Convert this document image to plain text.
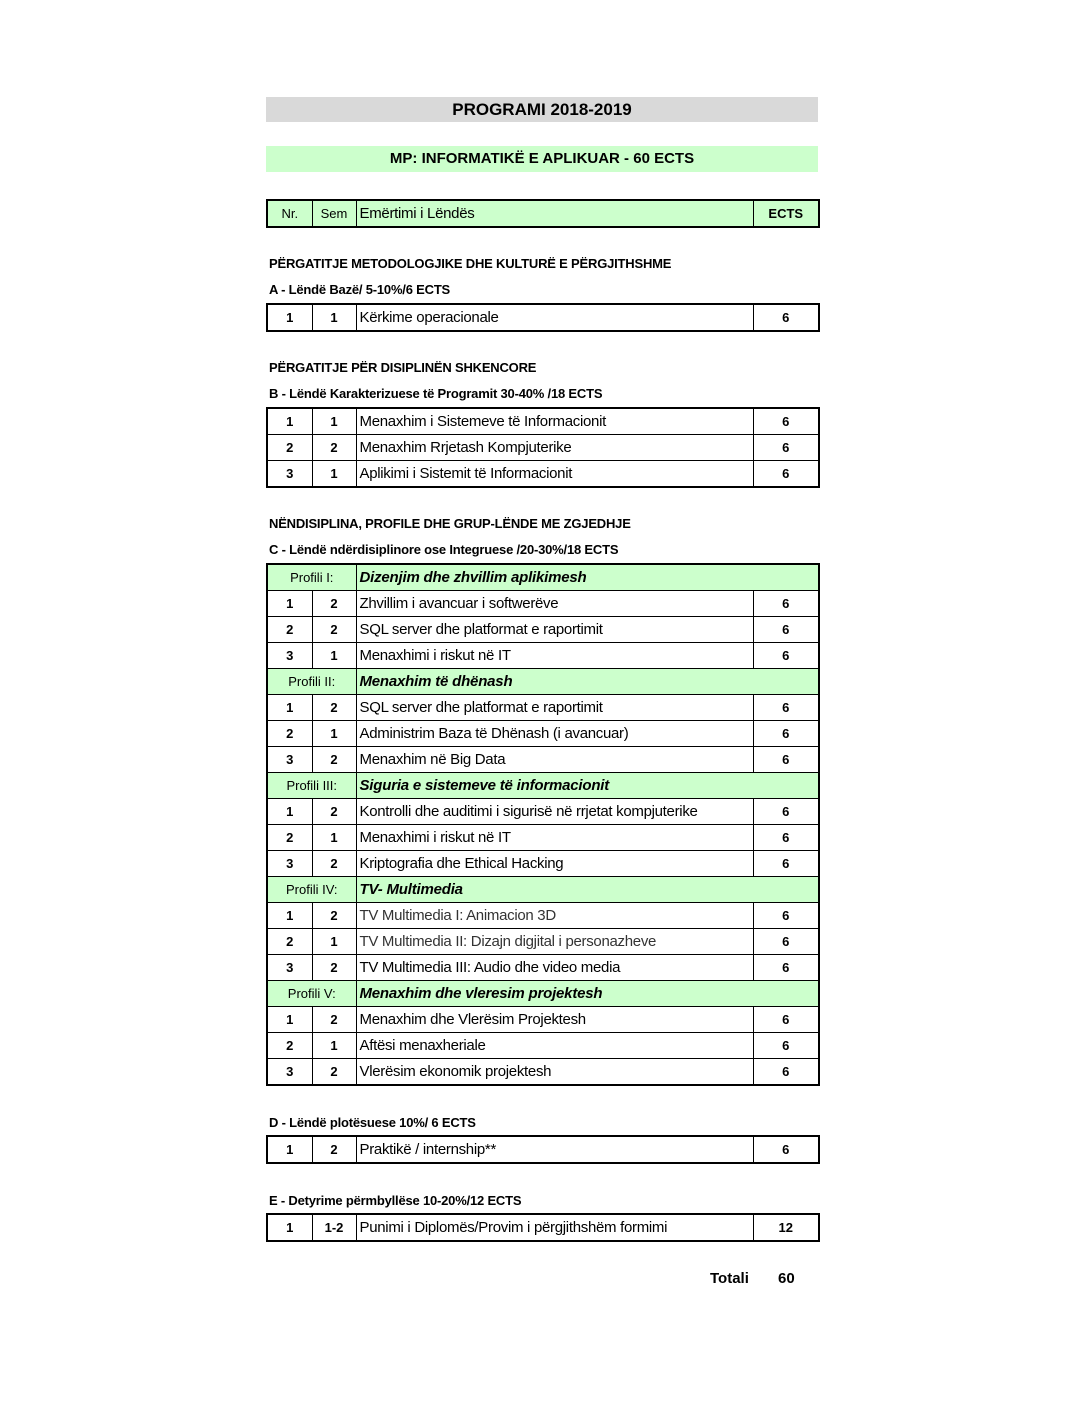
PROGRAMI 2018-2019
MP: INFORMATIKË E APLIKUAR - 60 ECTS
Nr.	Sem	Emërtimi i Lëndës	ECTS
PËRGATITJE METODOLOGJIKE DHE KULTURË E PËRGJITHSHME
A - Lëndë Bazë/ 5-10%/6 ECTS
1	1	Kërkime operacionale	6
PËRGATITJE PËR DISIPLINËN SHKENCORE
B - Lëndë Karakterizuese të Programit 30-40% /18 ECTS
1	1	Menaxhim i Sistemeve të Informacionit	6
2	2	Menaxhim Rrjetash Kompjuterike	6
3	1	Aplikimi i Sistemit të Informacionit	6
NËNDISIPLINA, PROFILE DHE GRUP-LËNDE ME ZGJEDHJE
C - Lëndë ndërdisiplinore ose Integruese /20-30%/18 ECTS
Profili I:		Dizenjim dhe zhvillim aplikimesh	
1	2	Zhvillim i avancuar i softwerëve	6
2	2	SQL server dhe platformat e raportimit	6
3	1	Menaxhimi i riskut në IT	6
Profili II:		Menaxhim të dhënash	
1	2	SQL server dhe platformat e raportimit	6
2	1	Administrim Baza të Dhënash (i avancuar)	6
3	2	Menaxhim në Big Data	6
Profili III:		Siguria e sistemeve të informacionit	
1	2	Kontrolli dhe auditimi i sigurisë në rrjetat kompjuterike	6
2	1	Menaxhimi i riskut në IT	6
3	2	Kriptografia dhe Ethical Hacking	6
Profili IV:		TV- Multimedia	
1	2	TV Multimedia I: Animacion 3D	6
2	1	TV Multimedia II: Dizajn digjital i personazheve	6
3	2	TV Multimedia III: Audio dhe video media	6
Profili V:		Menaxhim dhe vleresim projektesh	
1	2	Menaxhim dhe Vlerësim Projektesh	6
2	1	Aftësi menaxheriale	6
3	2	Vlerësim ekonomik projektesh	6
D - Lëndë plotësuese 10%/ 6 ECTS
1	2	Praktikë / internship**	6
E - Detyrime përmbyllëse 10-20%/12 ECTS
1	1-2	Punimi i Diplomës/Provim i përgjithshëm formimi	12
Totali 60
